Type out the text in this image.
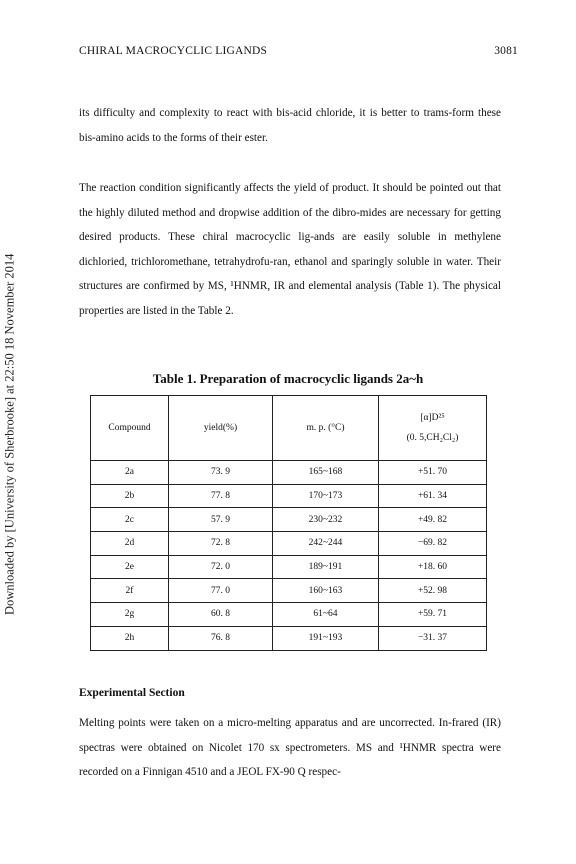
Downloaded by [University of Sherbrooke] at 22:50 18 November 2014
CHIRAL MACROCYCLIC LIGANDS	3081
its difficulty and complexity to react with bis-acid chloride, it is better to trams-form these bis-amino acids to the forms of their ester.
The reaction condition significantly affects the yield of product. It should be pointed out that the highly diluted method and dropwise addition of the dibro-mides are necessary for getting desired products. These chiral macrocyclic lig-ands are easily soluble in methylene dichloried, trichloromethane, tetrahydrofu-ran, ethanol and sparingly soluble in water. Their structures are confirmed by MS, ¹HNMR, IR and elemental analysis (Table 1). The physical properties are listed in the Table 2.
Table 1. Preparation of macrocyclic ligands 2a~h
Compound	yield(%)	m. p. (°C)	[α]D²⁵
(0. 5,CH₂Cl₂)

2a	73. 9	165~168	+51. 70
2b	77. 8	170~173	+61. 34
2c	57. 9	230~232	+49. 82
2d	72. 8	242~244	−69. 82
2e	72. 0	189~191	+18. 60
2f	77. 0	160~163	+52. 98
2g	60. 8	61~64	+59. 71
2h	76. 8	191~193	−31. 37
Experimental Section
Melting points were taken on a micro-melting apparatus and are uncorrected. In-frared (IR) spectras were obtained on Nicolet 170 sx spectrometers. MS and ¹HNMR spectra were recorded on a Finnigan 4510 and a JEOL FX-90 Q respec-
